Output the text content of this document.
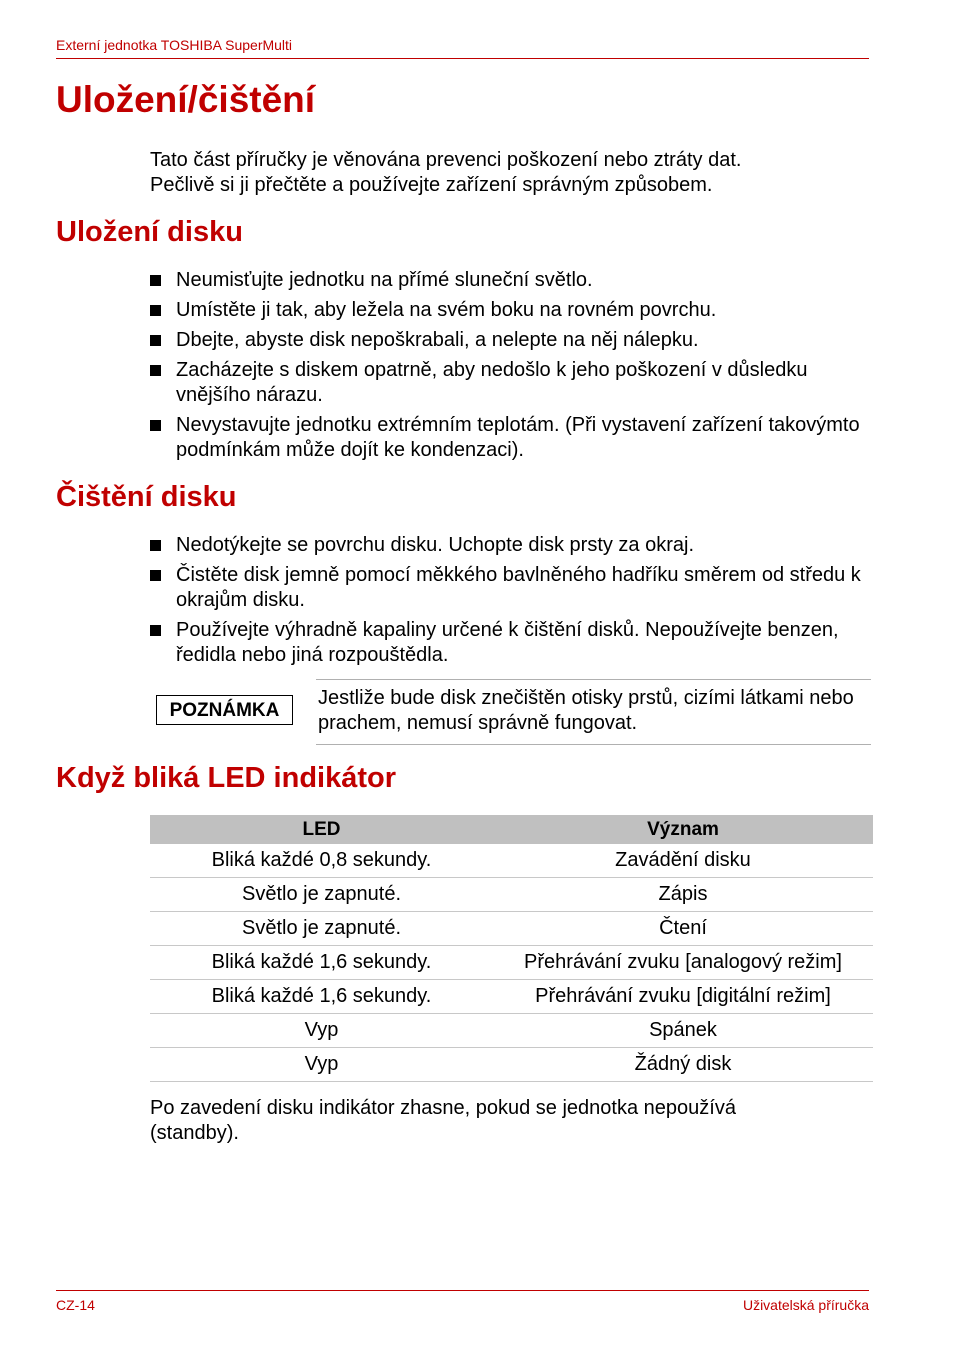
Externí jednotka TOSHIBA SuperMulti
Uložení/čištění
Tato část příručky je věnována prevenci poškození nebo ztráty dat.
Pečlivě si ji přečtěte a používejte zařízení správným způsobem.
Uložení disku
Neumisťujte jednotku na přímé sluneční světlo.
Umístěte ji tak, aby ležela na svém boku na rovném povrchu.
Dbejte, abyste disk nepoškrabali, a nelepte na něj nálepku.
Zacházejte s diskem opatrně, aby nedošlo k jeho poškození v důsledku vnějšího nárazu.
Nevystavujte jednotku extrémním teplotám. (Při vystavení zařízení takovýmto podmínkám může dojít ke kondenzaci).
Čištění disku
Nedotýkejte se povrchu disku. Uchopte disk prsty za okraj.
Čistěte disk jemně pomocí měkkého bavlněného hadříku směrem od středu k okrajům disku.
Používejte výhradně kapaliny určené k čištění disků. Nepoužívejte benzen, ředidla nebo jiná rozpouštědla.
POZNÁMKA
Jestliže bude disk znečištěn otisky prstů, cizími látkami nebo prachem, nemusí správně fungovat.
Když bliká LED indikátor
LED	Význam
Bliká každé 0,8 sekundy.	Zavádění disku
Světlo je zapnuté.	Zápis
Světlo je zapnuté.	Čtení
Bliká každé 1,6 sekundy.	Přehrávání zvuku [analogový režim]
Bliká každé 1,6 sekundy.	Přehrávání zvuku [digitální režim]
Vyp	Spánek
Vyp	Žádný disk
Po zavedení disku indikátor zhasne, pokud se jednotka nepoužívá
(standby).
CZ-14	Uživatelská příručka
